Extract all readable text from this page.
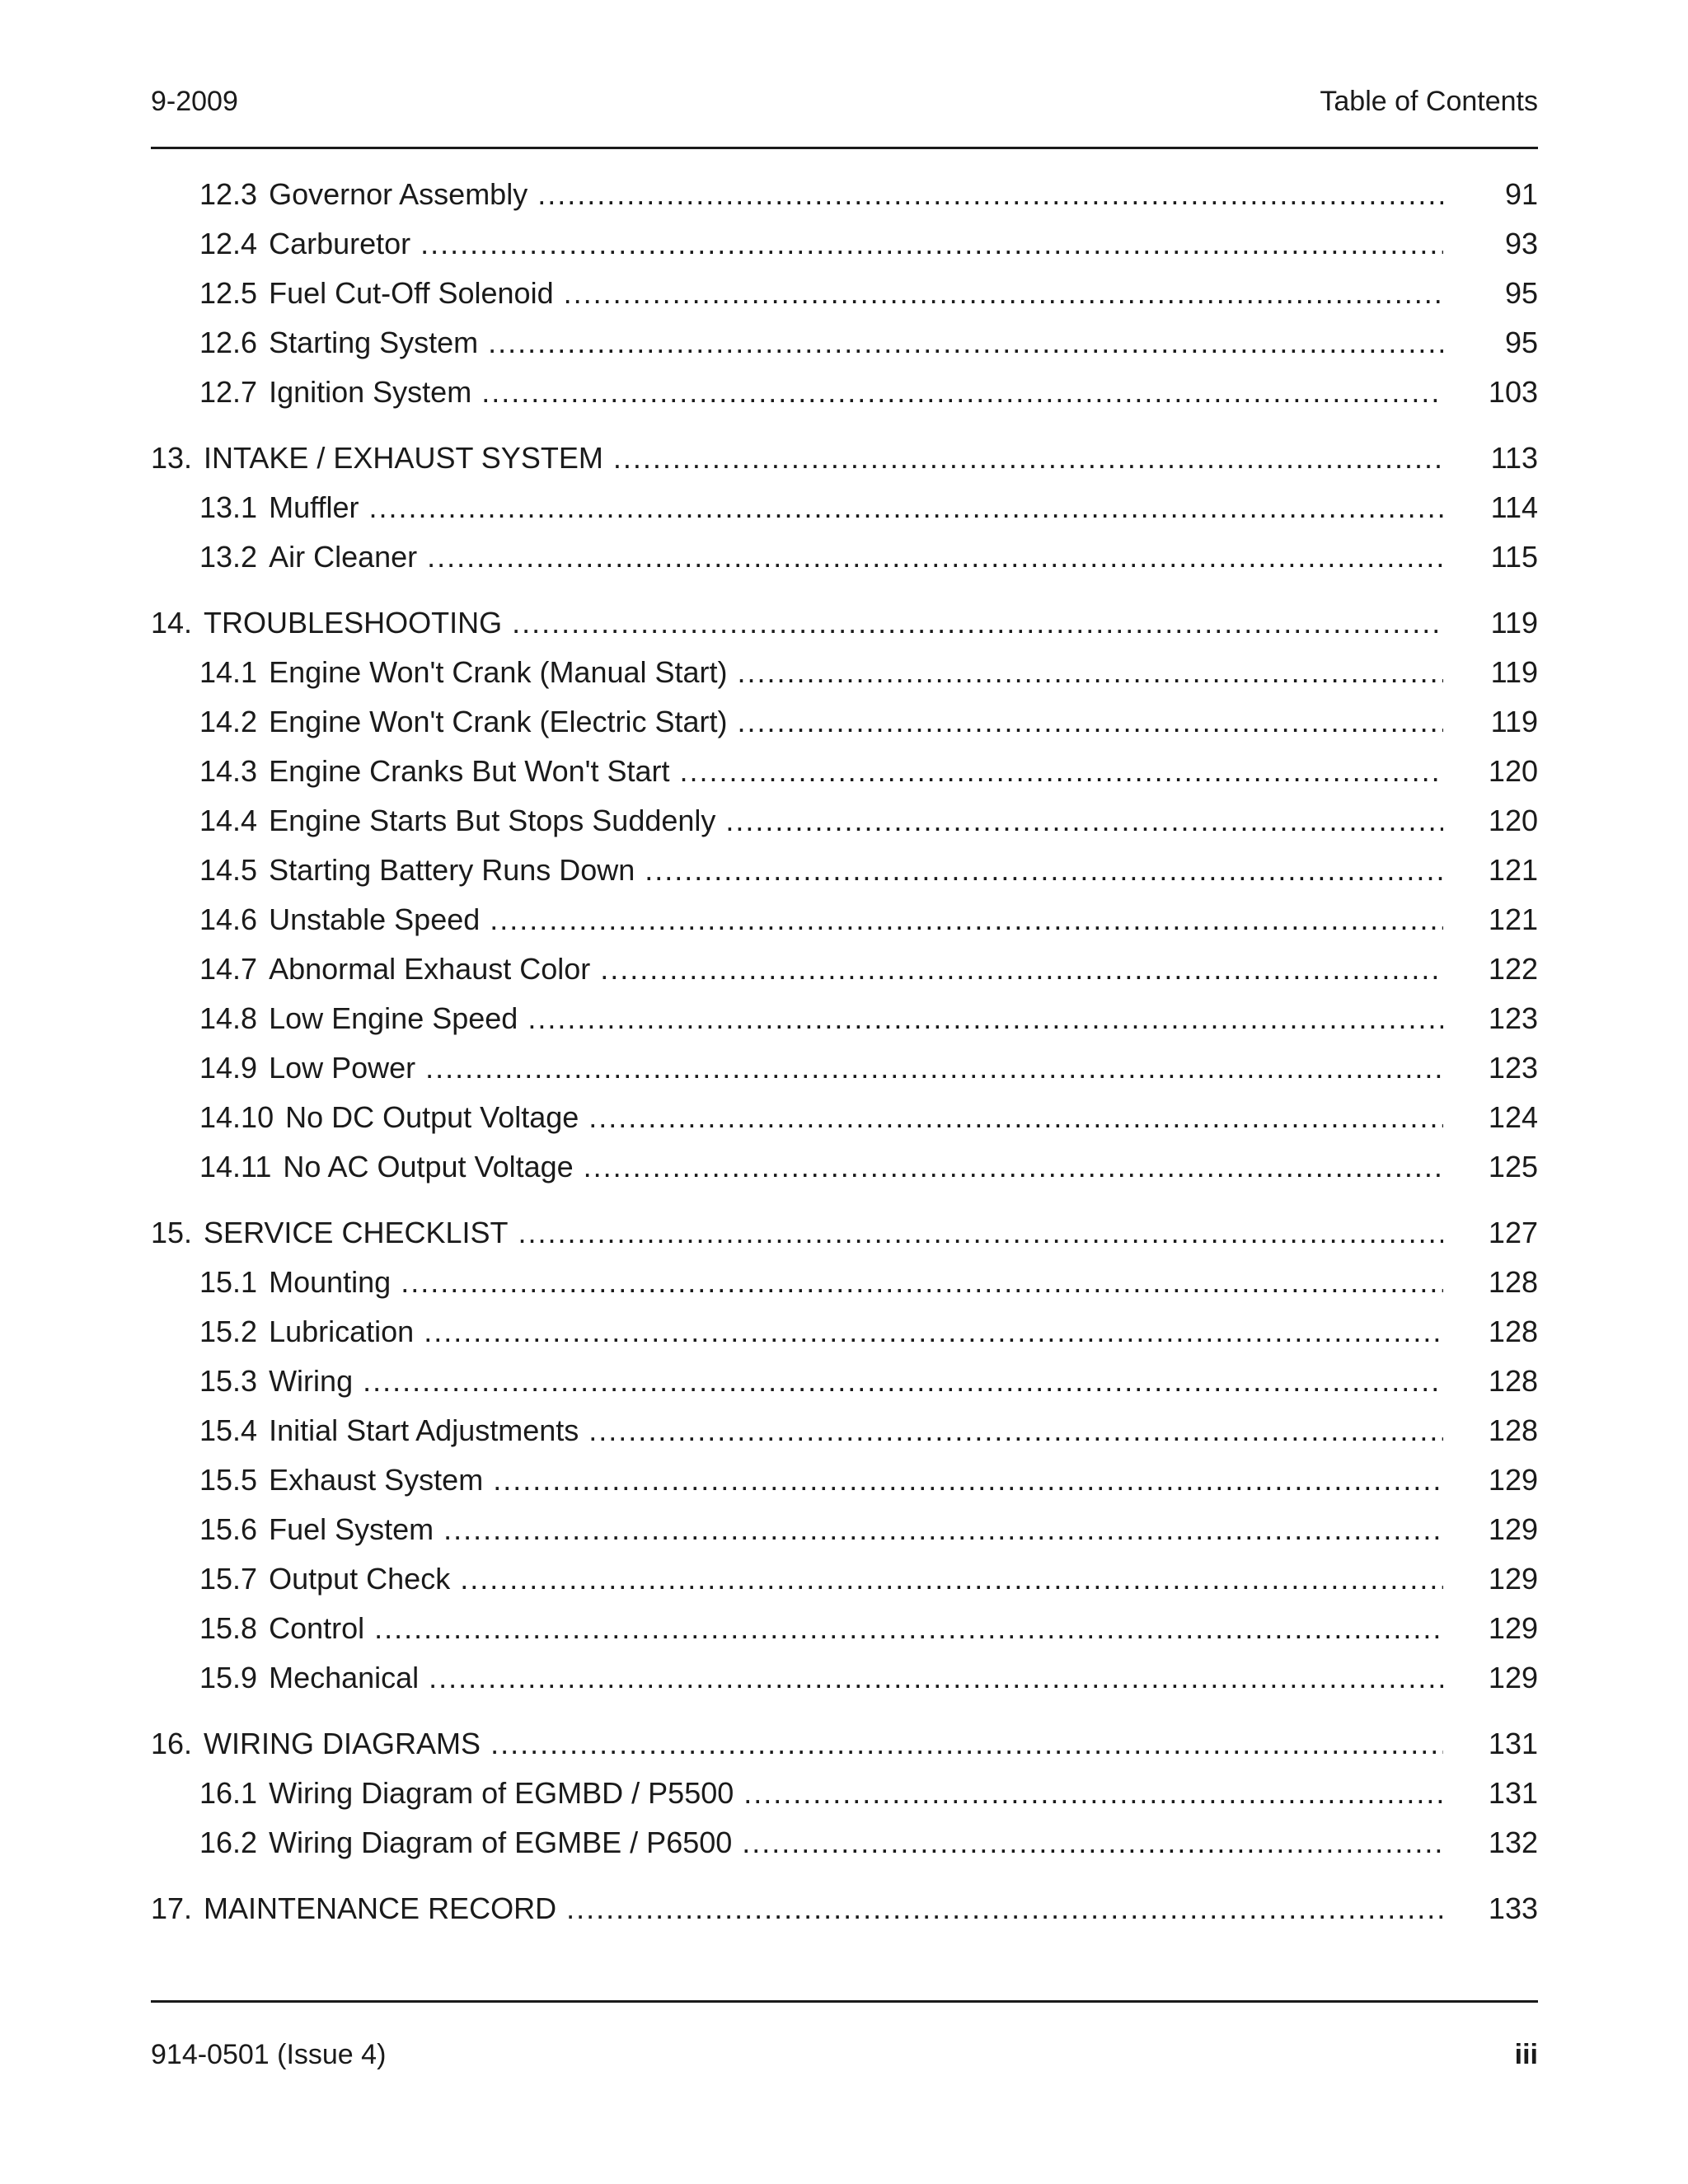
9-2009	Table of Contents
12.3 Governor Assembly .....	91
12.4 Carburetor .....	93
12.5 Fuel Cut-Off Solenoid .....	95
12.6 Starting System .....	95
12.7 Ignition System .....	103
13. INTAKE / EXHAUST SYSTEM .....	113
13.1 Muffler .....	114
13.2 Air Cleaner .....	115
14. TROUBLESHOOTING .....	119
14.1 Engine Won't Crank (Manual Start) .....	119
14.2 Engine Won't Crank (Electric Start) .....	119
14.3 Engine Cranks But Won't Start .....	120
14.4 Engine Starts But Stops Suddenly .....	120
14.5 Starting Battery Runs Down .....	121
14.6 Unstable Speed .....	121
14.7 Abnormal Exhaust Color .....	122
14.8 Low Engine Speed .....	123
14.9 Low Power .....	123
14.10 No DC Output Voltage .....	124
14.11 No AC Output Voltage .....	125
15. SERVICE CHECKLIST .....	127
15.1 Mounting .....	128
15.2 Lubrication .....	128
15.3 Wiring .....	128
15.4 Initial Start Adjustments .....	128
15.5 Exhaust System .....	129
15.6 Fuel System .....	129
15.7 Output Check .....	129
15.8 Control .....	129
15.9 Mechanical .....	129
16. WIRING DIAGRAMS .....	131
16.1 Wiring Diagram of EGMBD / P5500 .....	131
16.2 Wiring Diagram of EGMBE / P6500 .....	132
17. MAINTENANCE RECORD .....	133
914-0501 (Issue 4)	iii
